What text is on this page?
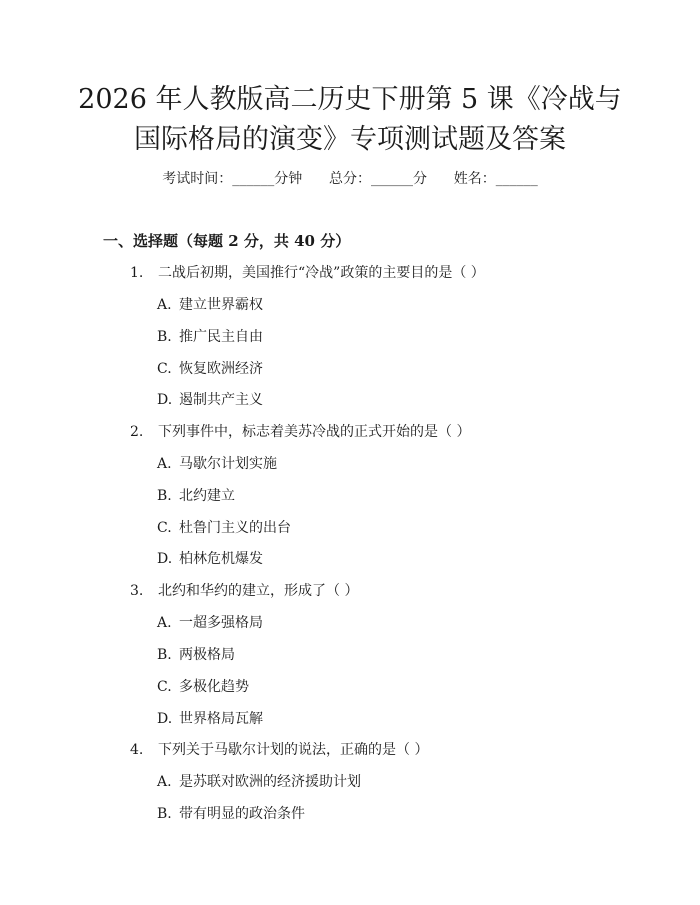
2026 年人教版高二历史下册第 5 课《冷战与
国际格局的演变》专项测试题及答案
考试时间：______分钟      总分：______分      姓名：______
一、选择题（每题 2 分，共 40 分）
1. 二战后初期，美国推行“冷战”政策的主要目的是（ ）
A. 建立世界霸权
B. 推广民主自由
C. 恢复欧洲经济
D. 遏制共产主义
2. 下列事件中，标志着美苏冷战的正式开始的是（ ）
A. 马歇尔计划实施
B. 北约建立
C. 杜鲁门主义的出台
D. 柏林危机爆发
3. 北约和华约的建立，形成了（ ）
A. 一超多强格局
B. 两极格局
C. 多极化趋势
D. 世界格局瓦解
4. 下列关于马歇尔计划的说法，正确的是（ ）
A. 是苏联对欧洲的经济援助计划
B. 带有明显的政治条件
